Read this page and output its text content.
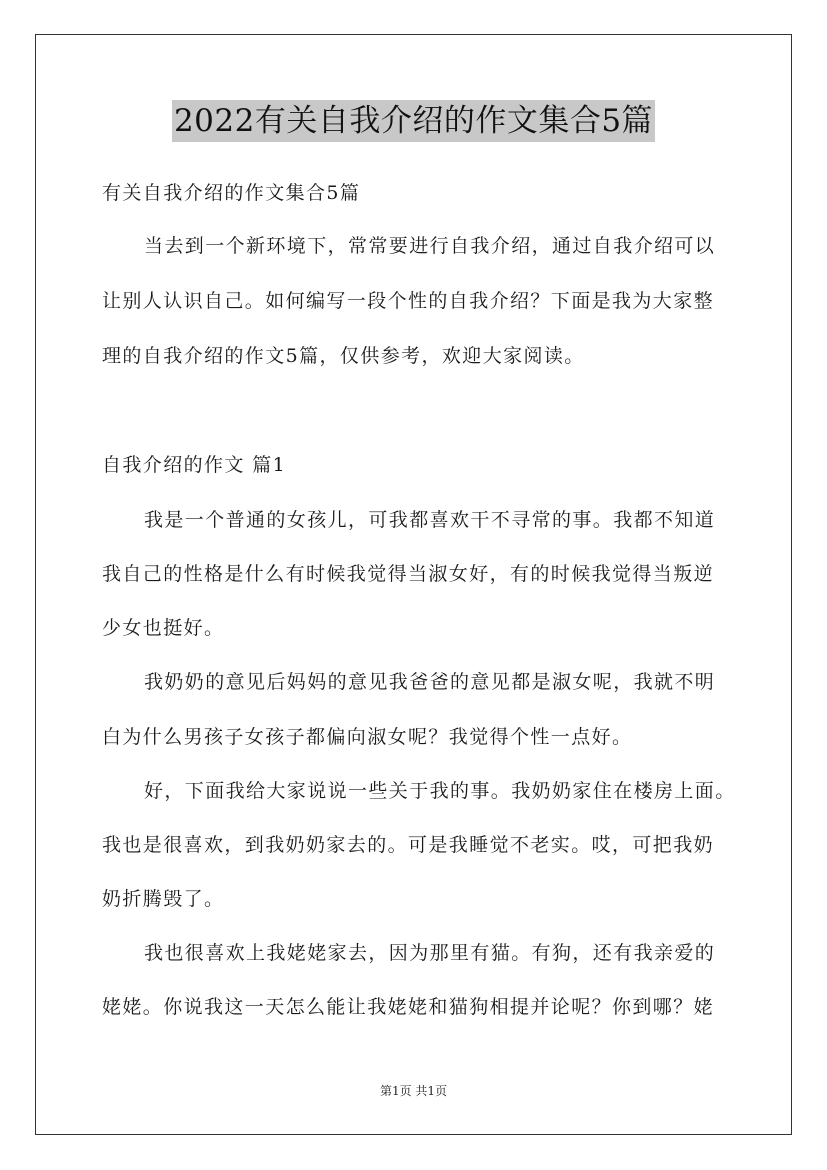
2022有关自我介绍的作文集合5篇
有关自我介绍的作文集合5篇
当去到一个新环境下，常常要进行自我介绍，通过自我介绍可以
让别人认识自己。如何编写一段个性的自我介绍？下面是我为大家整
理的自我介绍的作文5篇，仅供参考，欢迎大家阅读。
自我介绍的作文 篇1
我是一个普通的女孩儿，可我都喜欢干不寻常的事。我都不知道
我自己的性格是什么有时候我觉得当淑女好，有的时候我觉得当叛逆
少女也挺好。
我奶奶的意见后妈妈的意见我爸爸的意见都是淑女呢，我就不明
白为什么男孩子女孩子都偏向淑女呢？我觉得个性一点好。
好，下面我给大家说说一些关于我的事。我奶奶家住在楼房上面。
我也是很喜欢，到我奶奶家去的。可是我睡觉不老实。哎，可把我奶
奶折腾毁了。
我也很喜欢上我姥姥家去，因为那里有猫。有狗，还有我亲爱的
姥姥。你说我这一天怎么能让我姥姥和猫狗相提并论呢？你到哪？姥
第1页 共1页
